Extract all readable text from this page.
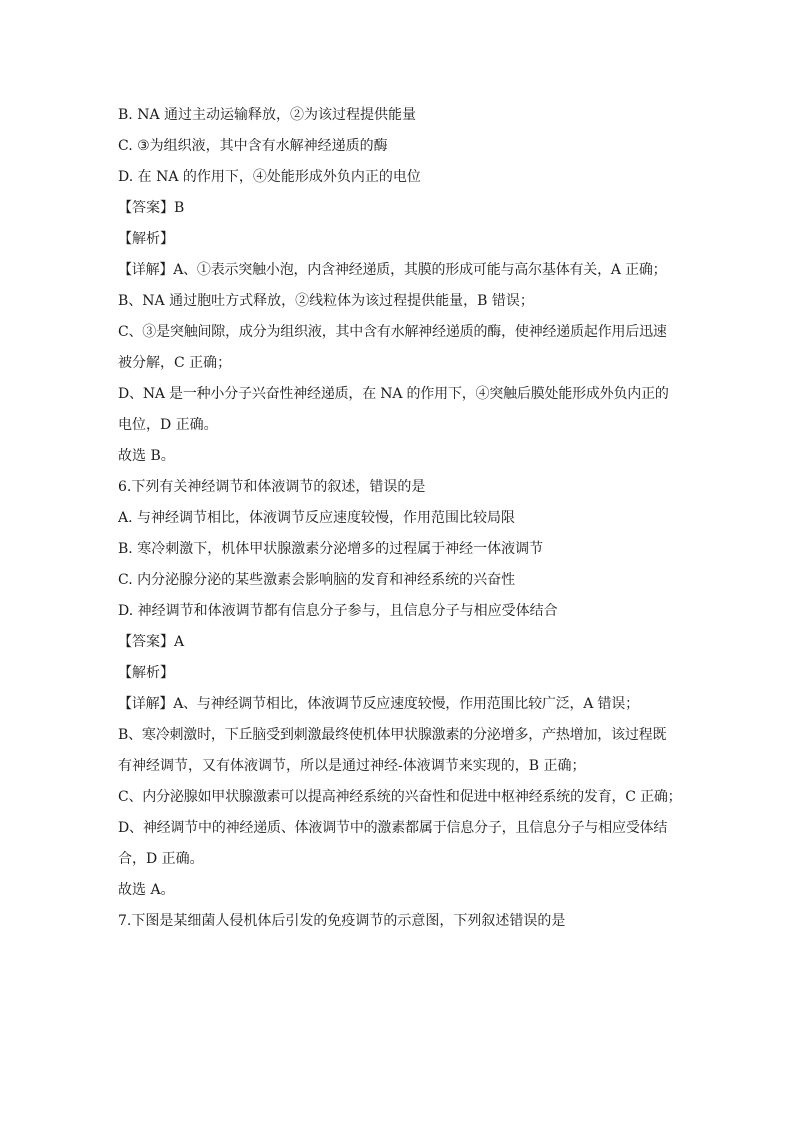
B. NA 通过主动运输释放，②为该过程提供能量
C. ③为组织液，其中含有水解神经递质的酶
D. 在 NA 的作用下，④处能形成外负内正的电位
【答案】B
【解析】
【详解】A、①表示突触小泡，内含神经递质，其膜的形成可能与高尔基体有关，A 正确；
B、NA 通过胞吐方式释放，②线粒体为该过程提供能量，B 错误；
C、③是突触间隙，成分为组织液，其中含有水解神经递质的酶，使神经递质起作用后迅速
被分解，C 正确；
D、NA 是一种小分子兴奋性神经递质，在 NA 的作用下，④突触后膜处能形成外负内正的
电位，D 正确。
故选 B。
6.下列有关神经调节和体液调节的叙述，错误的是
A. 与神经调节相比，体液调节反应速度较慢，作用范围比较局限
B. 寒冷刺激下，机体甲状腺激素分泌增多的过程属于神经一体液调节
C. 内分泌腺分泌的某些激素会影响脑的发育和神经系统的兴奋性
D. 神经调节和体液调节都有信息分子参与，且信息分子与相应受体结合
【答案】A
【解析】
【详解】A、与神经调节相比，体液调节反应速度较慢，作用范围比较广泛，A 错误；
B、寒冷刺激时，下丘脑受到刺激最终使机体甲状腺激素的分泌增多，产热增加，该过程既
有神经调节，又有体液调节，所以是通过神经-体液调节来实现的，B 正确；
C、内分泌腺如甲状腺激素可以提高神经系统的兴奋性和促进中枢神经系统的发育，C 正确；
D、神经调节中的神经递质、体液调节中的激素都属于信息分子，且信息分子与相应受体结
合，D 正确。
故选 A。
7.下图是某细菌人侵机体后引发的免疫调节的示意图，下列叙述错误的是
